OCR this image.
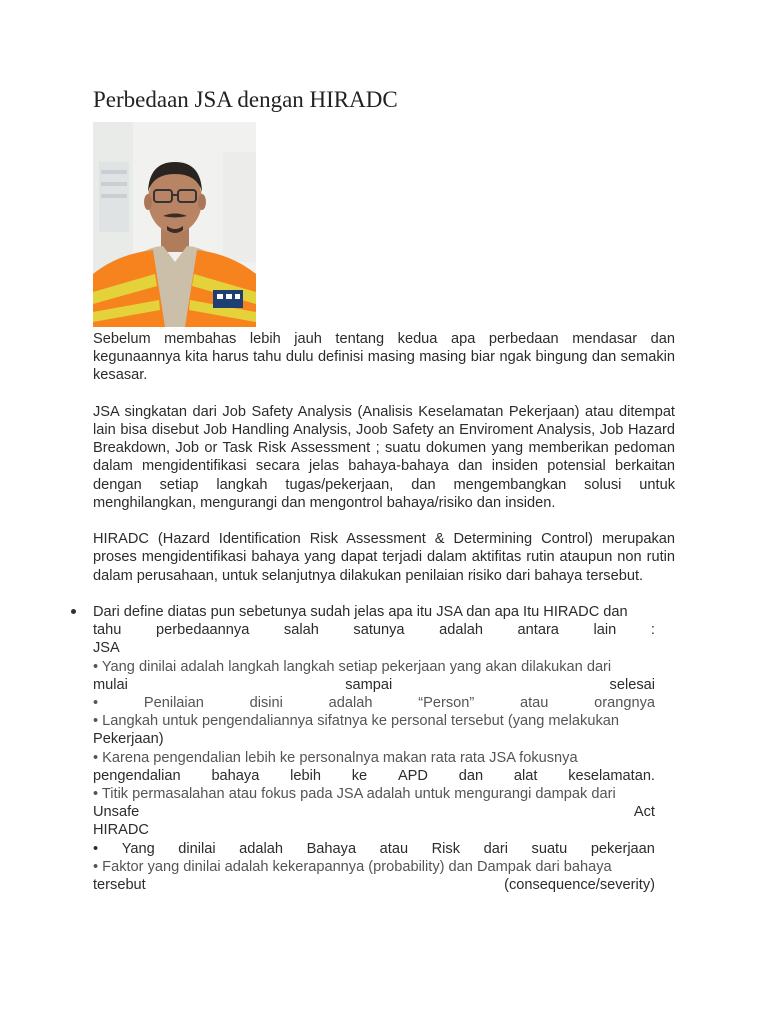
Perbedaan JSA dengan HIRADC

Sebelum membahas lebih jauh tentang kedua apa perbedaan mendasar dan kegunaannya kita harus tahu dulu definisi masing masing biar ngak bingung dan semakin kesasar.

JSA singkatan dari Job Safety Analysis (Analisis Keselamatan Pekerjaan) atau ditempat lain bisa disebut Job Handling Analysis, Joob Safety an Enviroment Analysis, Job Hazard Breakdown, Job or Task Risk Assessment ; suatu dokumen yang memberikan pedoman dalam mengidentifikasi secara jelas bahaya-bahaya dan insiden potensial berkaitan dengan setiap langkah tugas/pekerjaan, dan mengembangkan solusi untuk menghilangkan, mengurangi dan mengontrol bahaya/risiko dan insiden.

HIRADC (Hazard Identification Risk Assessment & Determining Control) merupakan proses mengidentifikasi bahaya yang dapat terjadi dalam aktifitas rutin ataupun non rutin dalam perusahaan, untuk selanjutnya dilakukan penilaian risiko dari bahaya tersebut.

Dari define diatas pun sebetunya sudah jelas apa itu JSA dan apa Itu HIRADC dan
tahu perbedaannya salah satunya adalah antara lain :
JSA
• Yang dinilai adalah langkah langkah setiap pekerjaan yang akan dilakukan dari
mulai	sampai	selesai
•	Penilaian	disini	adalah	“Person”	atau	orangnya
• Langkah untuk pengendaliannya sifatnya ke personal tersebut (yang melakukan
Pekerjaan)
• Karena pengendalian lebih ke personalnya makan rata rata JSA fokusnya
pengendalian bahaya lebih ke APD dan alat keselamatan.
• Titik permasalahan atau fokus pada JSA adalah untuk mengurangi dampak dari
Unsafe	Act
HIRADC
• Yang dinilai adalah Bahaya atau Risk dari suatu pekerjaan
• Faktor yang dinilai adalah kekerapannya (probability) dan Dampak dari bahaya
tersebut	(consequence/severity)
